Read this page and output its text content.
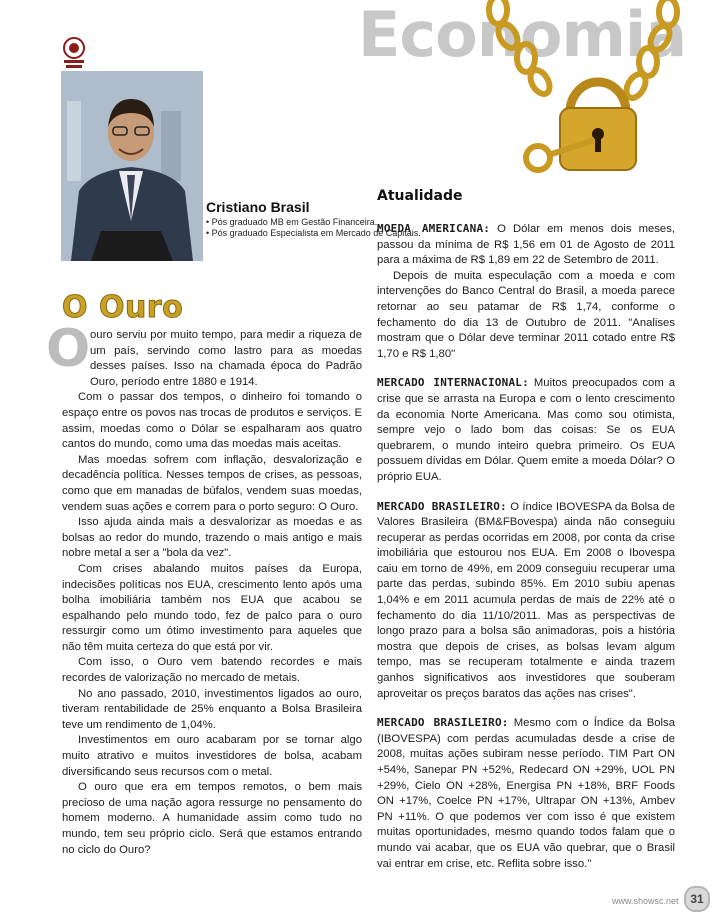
Economia
Cristiano Brasil
• Pós graduado MB em Gestão Financeira.
• Pós graduado Especialista em Mercado de Capitais.
O Ouro
O ouro serviu por muito tempo, para medir a riqueza de um país, servindo como lastro para as moedas desses países. Isso na chamada época do Padrão Ouro, período entre 1880 e 1914.

Com o passar dos tempos, o dinheiro foi tomando o espaço entre os povos nas trocas de produtos e serviços. E assim, moedas como o Dólar se espalharam aos quatro cantos do mundo, como uma das moedas mais aceitas.

Mas moedas sofrem com inflação, desvalorização e decadência política. Nesses tempos de crises, as pessoas, como que em manadas de búfalos, vendem suas moedas, vendem suas ações e correm para o porto seguro: O Ouro.

Isso ajuda ainda mais a desvalorizar as moedas e as bolsas ao redor do mundo, trazendo o mais antigo e mais nobre metal a ser a "bola da vez".

Com crises abalando muitos países da Europa, indecisões políticas nos EUA, crescimento lento após uma bolha imobiliária também nos EUA que acabou se espalhando pelo mundo todo, fez de palco para o ouro ressurgir como um ótimo investimento para aqueles que não têm muita certeza do que está por vir.

Com isso, o Ouro vem batendo recordes e mais recordes de valorização no mercado de metais.

No ano passado, 2010, investimentos ligados ao ouro, tiveram rentabilidade de 25% enquanto a Bolsa Brasileira teve um rendimento de 1,04%.

Investimentos em ouro acabaram por se tornar algo muito atrativo e muitos investidores de bolsa, acabam diversificando seus recursos com o metal.

O ouro que era em tempos remotos, o bem mais precioso de uma nação agora ressurge no pensamento do homem moderno. A humanidade assim como tudo no mundo, tem seu próprio ciclo. Será que estamos entrando no ciclo do Ouro?

Atualidade

MOEDA AMERICANA: O Dólar em menos dois meses, passou da mínima de R$ 1,56 em 01 de Agosto de 2011 para a máxima de R$ 1,89 em 22 de Setembro de 2011.

Depois de muita especulação com a moeda e com intervenções do Banco Central do Brasil, a moeda parece retornar ao seu patamar de R$ 1,74, conforme o fechamento do dia 13 de Outubro de 2011. "Analises mostram que o Dólar deve terminar 2011 cotado entre R$ 1,70 e R$ 1,80"

MERCADO INTERNACIONAL: Muitos preocupados com a crise que se arrasta na Europa e com o lento crescimento da economia Norte Americana. Mas como sou otimista, sempre vejo o lado bom das coisas: Se os EUA quebrarem, o mundo inteiro quebra primeiro. Os EUA possuem dívidas em Dólar. Quem emite a moeda Dólar? O próprio EUA.

MERCADO BRASILEIRO: O índice IBOVESPA da Bolsa de Valores Brasileira (BM&FBovespa) ainda não conseguiu recuperar as perdas ocorridas em 2008, por conta da crise imobiliária que estourou nos EUA. Em 2008 o Ibovespa caiu em torno de 49%, em 2009 conseguiu recuperar uma parte das perdas, subindo 85%. Em 2010 subiu apenas 1,04% e em 2011 acumula perdas de mais de 22% até o fechamento do dia 11/10/2011. Mas as perspectivas de longo prazo para a bolsa são animadoras, pois a história mostra que depois de crises, as bolsas levam algum tempo, mas se recuperam totalmente e ainda trazem ganhos significativos aos investidores que souberam aproveitar os preços baratos das ações nas crises".

MERCADO BRASILEIRO: Mesmo com o Índice da Bolsa (IBOVESPA) com perdas acumuladas desde a crise de 2008, muitas ações subiram nesse período. TIM Part ON +54%, Sanepar PN +52%, Redecard ON +29%, UOL PN +29%, Cielo ON +28%, Energisa PN +18%, BRF Foods ON +17%, Coelce PN +17%, Ultrapar ON +13%, Ambev PN +11%. O que podemos ver com isso é que existem muitas oportunidades, mesmo quando todos falam que o mundo vai acabar, que os EUA vão quebrar, que o Brasil vai entrar em crise, etc. Reflita sobre isso."

www.showsc.net 31
